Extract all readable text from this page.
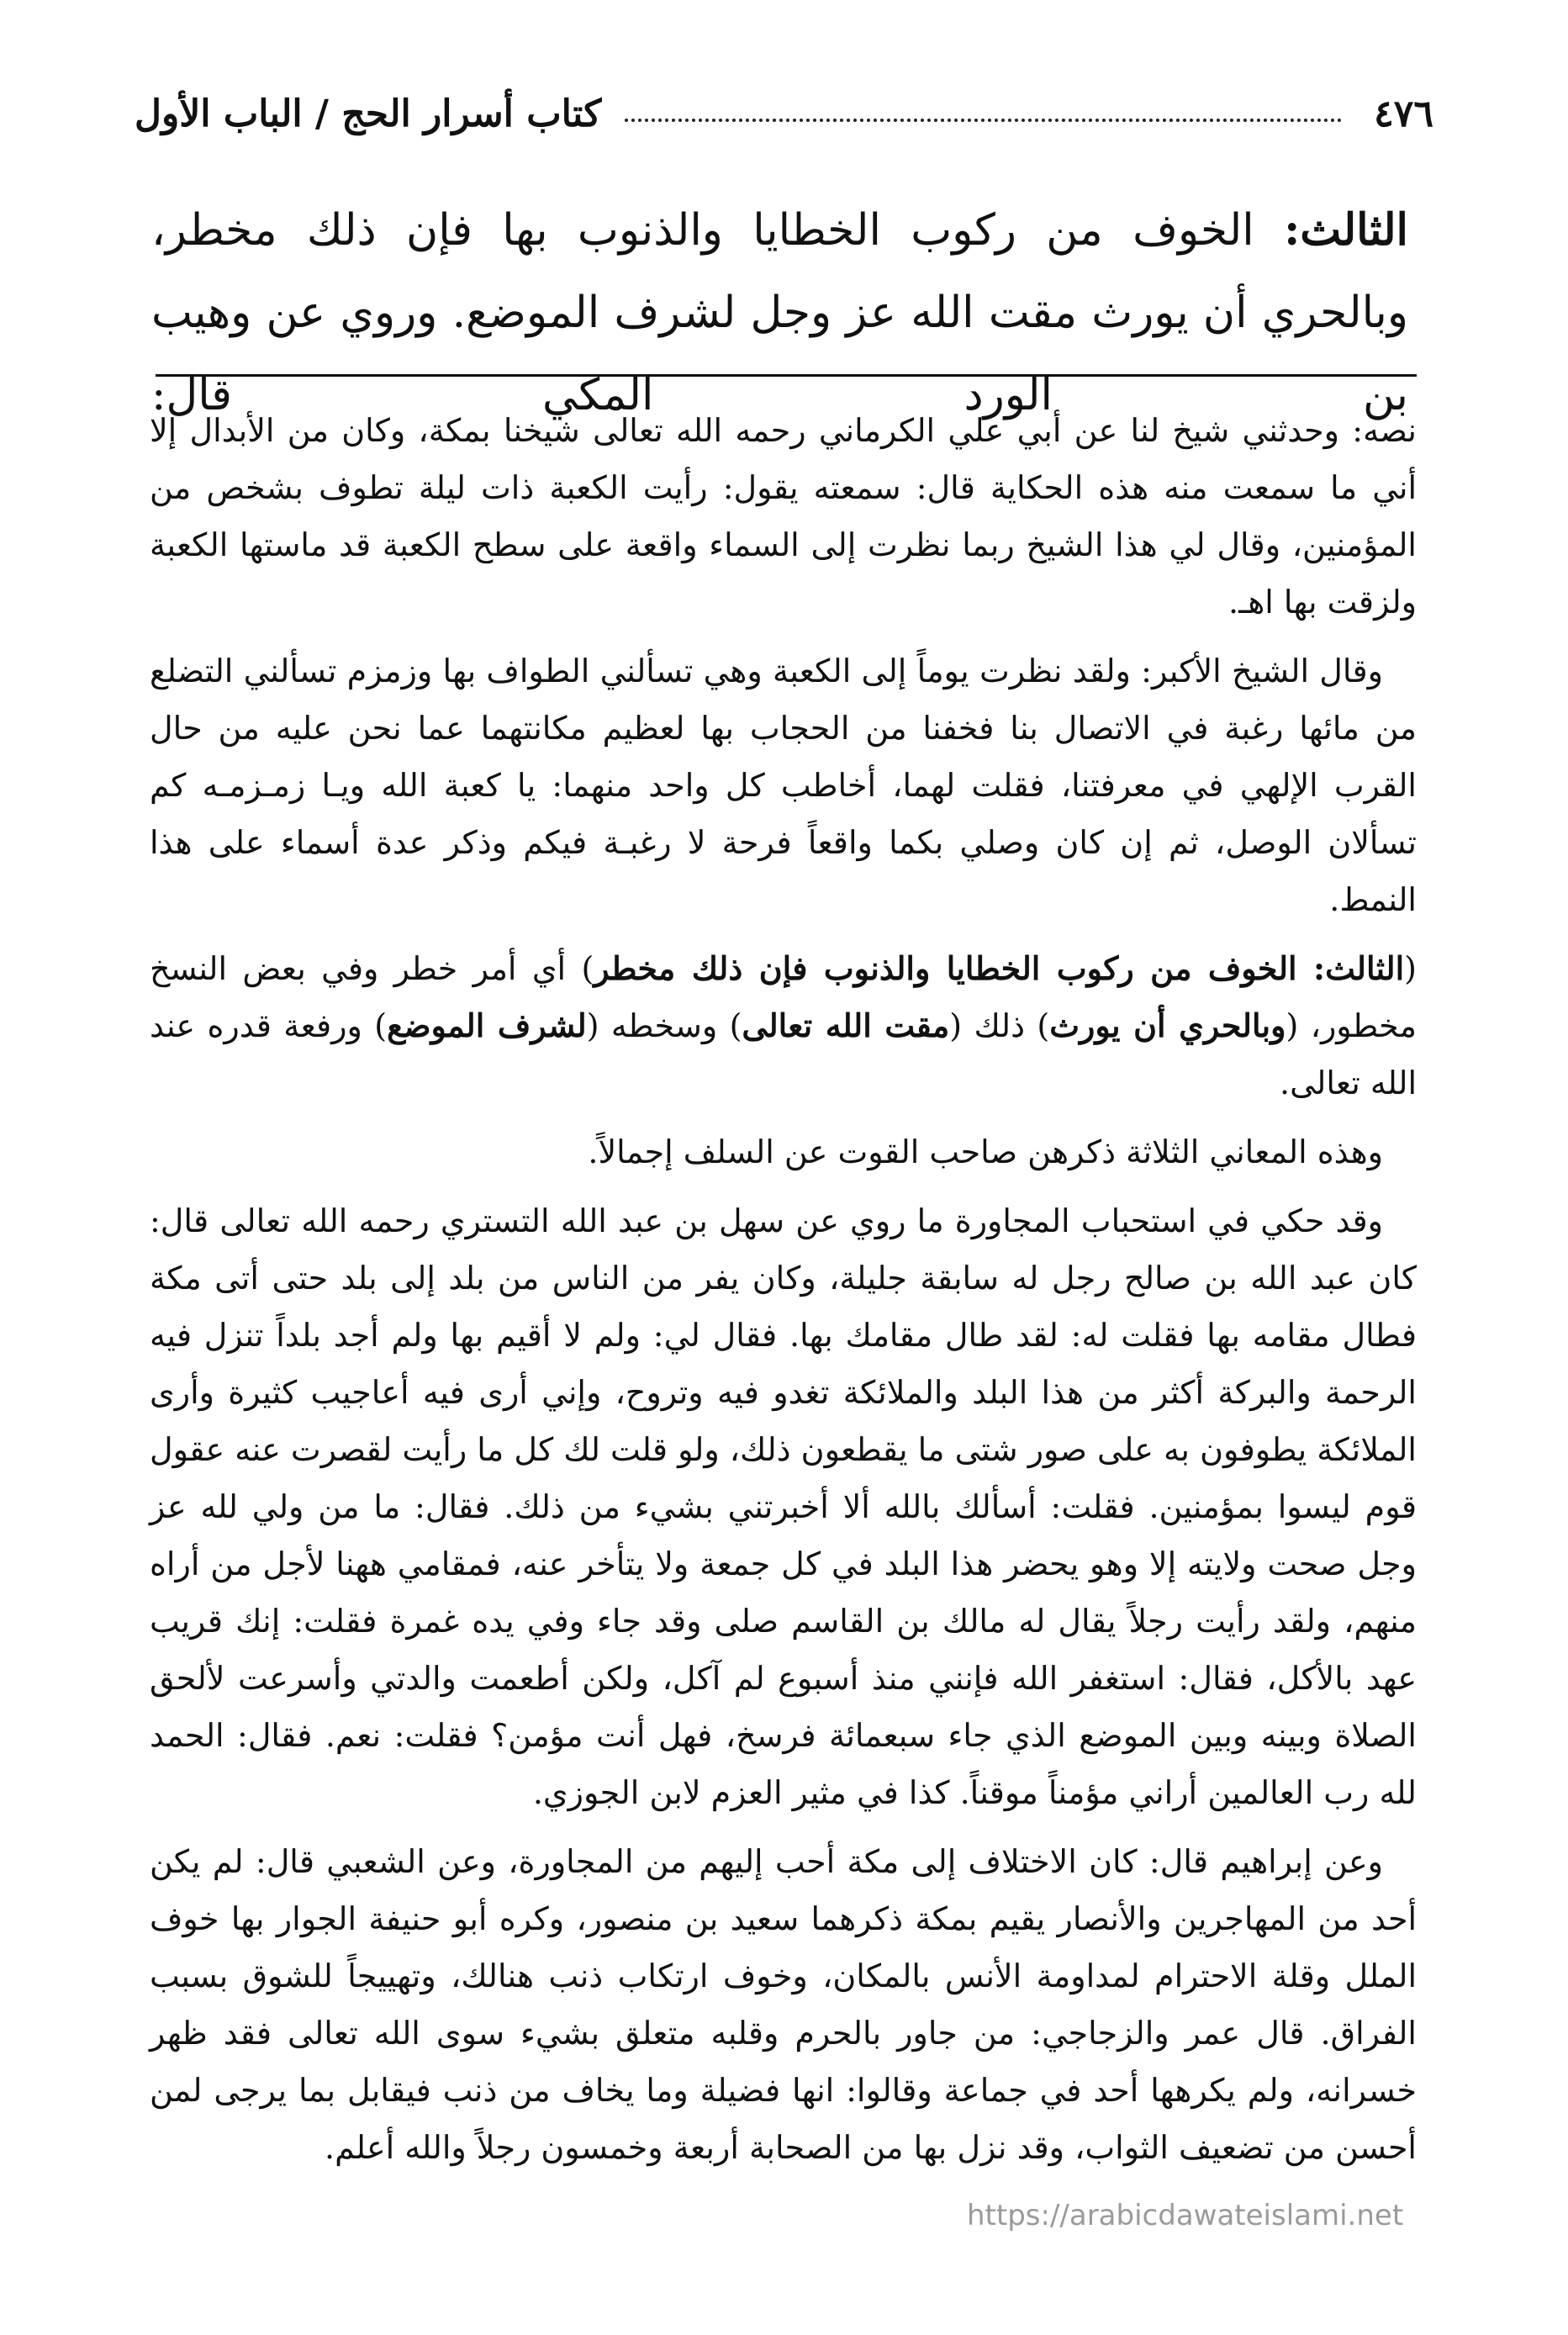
٤٧٦
كتاب أسرار الحج / الباب الأول

الثالث: الخوف من ركوب الخطايا والذنوب بها فإن ذلك مخطر، وبالحري أن يورث مقت الله عز وجل لشرف الموضع. وروي عن وهيب بن الورد المكي قال:

نصه: وحدثني شيخ لنا عن أبي علي الكرماني رحمه الله تعالى شيخنا بمكة، وكان من الأبدال إلا أني ما سمعت منه هذه الحكاية قال: سمعته يقول: رأيت الكعبة ذات ليلة تطوف بشخص من المؤمنين، وقال لي هذا الشيخ ربما نظرت إلى السماء واقعة على سطح الكعبة قد ماستها الكعبة ولزقت بها اهـ.

وقال الشيخ الأكبر: ولقد نظرت يوماً إلى الكعبة وهي تسألني الطواف بها وزمزم تسألني التضلع من مائها رغبة في الاتصال بنا فخفنا من الحجاب بها لعظيم مكانتهما عما نحن عليه من حال القرب الإلهي في معرفتنا، فقلت لهما، أخاطب كل واحد منهما: يا كعبة الله ويـا زمـزمـه كم تسألان الوصل، ثم إن كان وصلي بكما واقعاً فرحة لا رغبـة فيكم وذكر عدة أسماء على هذا النمط.

(الثالث: الخوف من ركوب الخطايا والذنوب فإن ذلك مخطر) أي أمر خطر وفي بعض النسخ مخطور، (وبالحري أن يورث) ذلك (مقت الله تعالى) وسخطه (لشرف الموضع) ورفعة قدره عند الله تعالى.

وهذه المعاني الثلاثة ذكرهن صاحب القوت عن السلف إجمالاً.

وقد حكي في استحباب المجاورة ما روي عن سهل بن عبد الله التستري رحمه الله تعالى قال: كان عبد الله بن صالح رجل له سابقة جليلة، وكان يفر من الناس من بلد إلى بلد حتى أتى مكة فطال مقامه بها فقلت له: لقد طال مقامك بها. فقال لي: ولم لا أقيم بها ولم أجد بلداً تنزل فيه الرحمة والبركة أكثر من هذا البلد والملائكة تغدو فيه وتروح، وإني أرى فيه أعاجيب كثيرة وأرى الملائكة يطوفون به على صور شتى ما يقطعون ذلك، ولو قلت لك كل ما رأيت لقصرت عنه عقول قوم ليسوا بمؤمنين. فقلت: أسألك بالله ألا أخبرتني بشيء من ذلك. فقال: ما من ولي لله عز وجل صحت ولايته إلا وهو يحضر هذا البلد في كل جمعة ولا يتأخر عنه، فمقامي ههنا لأجل من أراه منهم، ولقد رأيت رجلاً يقال له مالك بن القاسم صلى وقد جاء وفي يده غمرة فقلت: إنك قريب عهد بالأكل، فقال: استغفر الله فإنني منذ أسبوع لم آكل، ولكن أطعمت والدتي وأسرعت لألحق الصلاة وبينه وبين الموضع الذي جاء سبعمائة فرسخ، فهل أنت مؤمن؟ فقلت: نعم. فقال: الحمد لله رب العالمين أراني مؤمناً موقناً. كذا في مثير العزم لابن الجوزي.

وعن إبراهيم قال: كان الاختلاف إلى مكة أحب إليهم من المجاورة، وعن الشعبي قال: لم يكن أحد من المهاجرين والأنصار يقيم بمكة ذكرهما سعيد بن منصور، وكره أبو حنيفة الجوار بها خوف الملل وقلة الاحترام لمداومة الأنس بالمكان، وخوف ارتكاب ذنب هنالك، وتهييجاً للشوق بسبب الفراق. قال عمر والزجاجي: من جاور بالحرم وقلبه متعلق بشيء سوى الله تعالى فقد ظهر خسرانه، ولم يكرهها أحد في جماعة وقالوا: انها فضيلة وما يخاف من ذنب فيقابل بما يرجى لمن أحسن من تضعيف الثواب، وقد نزل بها من الصحابة أربعة وخمسون رجلاً والله أعلم.

https://arabicdawateislami.net
